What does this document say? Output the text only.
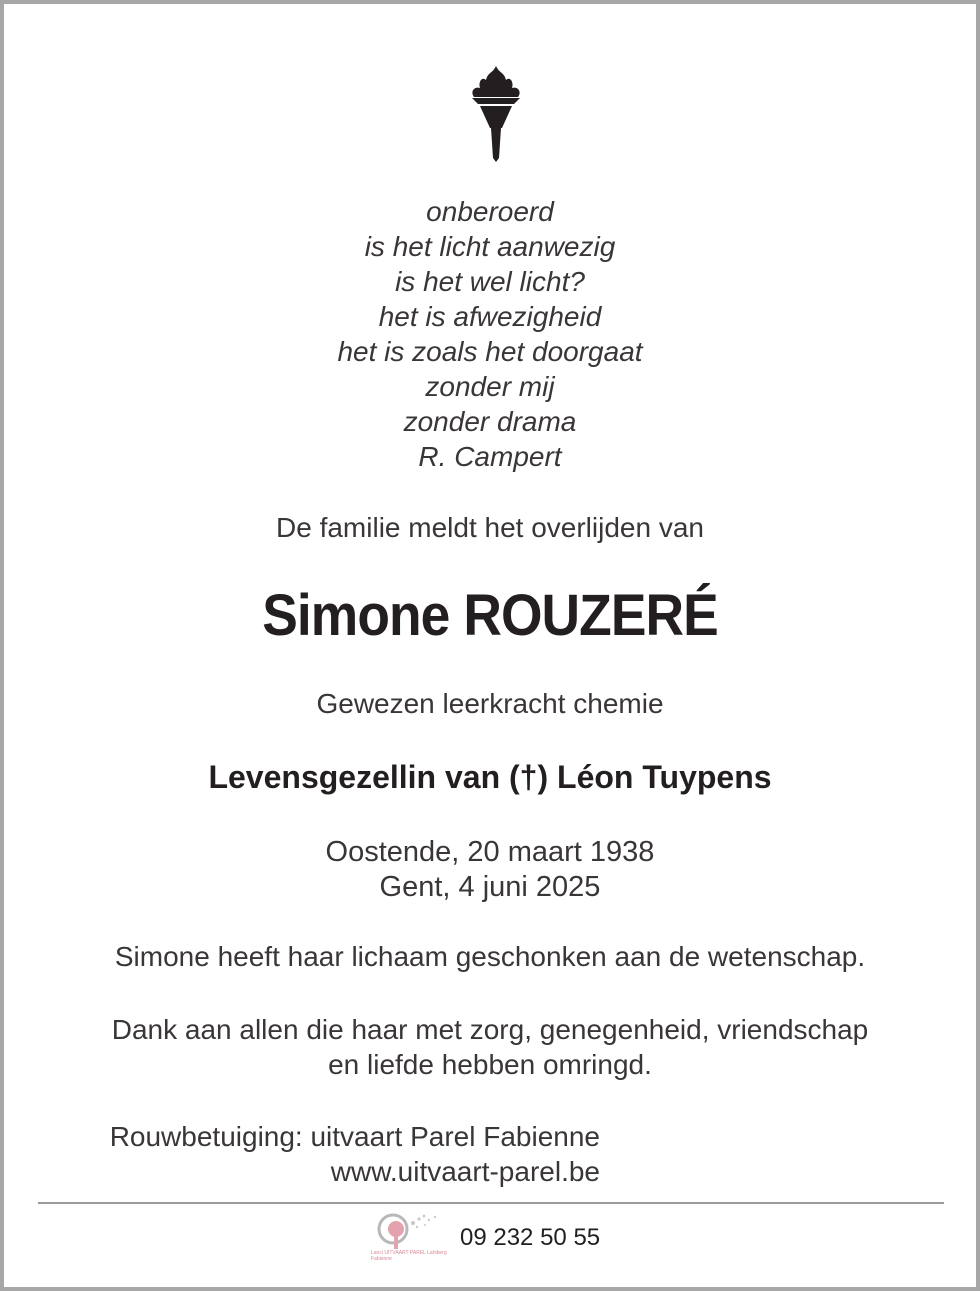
onberoerd
is het licht aanwezig
is het wel licht?
het is afwezigheid
het is zoals het doorgaat
zonder mij
zonder drama
R. Campert
De familie meldt het overlijden van
Simone ROUZERÉ
Gewezen leerkracht chemie
Levensgezellin van (†) Léon Tuypens
Oostende, 20 maart 1938
Gent, 4 juni 2025
Simone heeft haar lichaam geschonken aan de wetenschap.
Dank aan allen die haar met zorg, genegenheid, vriendschap
en liefde hebben omringd.
Rouwbetuiging: uitvaart Parel Fabienne
www.uitvaart-parel.be
Lanci UITVAART PAREL Lahiberg Fabienne
09 232 50 55
